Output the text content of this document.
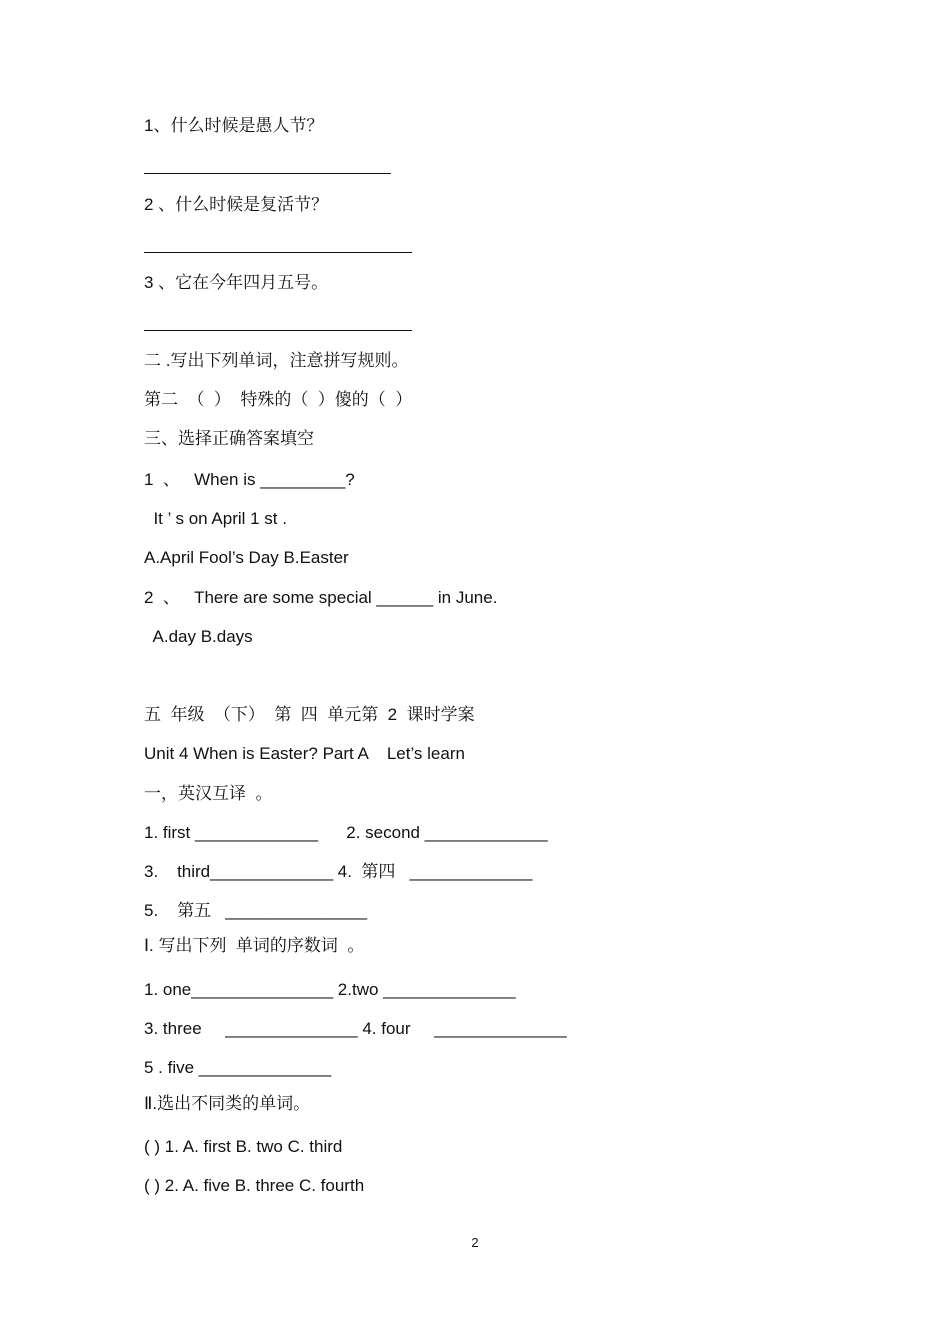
1、什么时候是愚人节？
2 、什么时候是复活节？
3 、它在今年四月五号。
二 .写出下列单词，注意拼写规则。
第二  （  ）  特殊的（  ）傻的（  ）
三、选择正确答案填空
1  、   When is _________?
It ’ s on April 1 st .
A.April Fool’s Day B.Easter
2  、   There are some special ______ in June.
A.day B.days
五  年级  （下）  第  四  单元第  2  课时学案
Unit 4 When is Easter? Part A    Let’s learn
一，英汉互译  。
1. first _____________      2. second _____________
3.    third_____________ 4.  第四   _____________
5.    第五   _______________
Ⅰ. 写出下列  单词的序数词  。
1. one_______________ 2.two ______________
3. three     ______________ 4. four     ______________
5 . five ______________
Ⅱ.选出不同类的单词。
( ) 1. A. first B. two C. third
( ) 2. A. five B. three C. fourth
2
